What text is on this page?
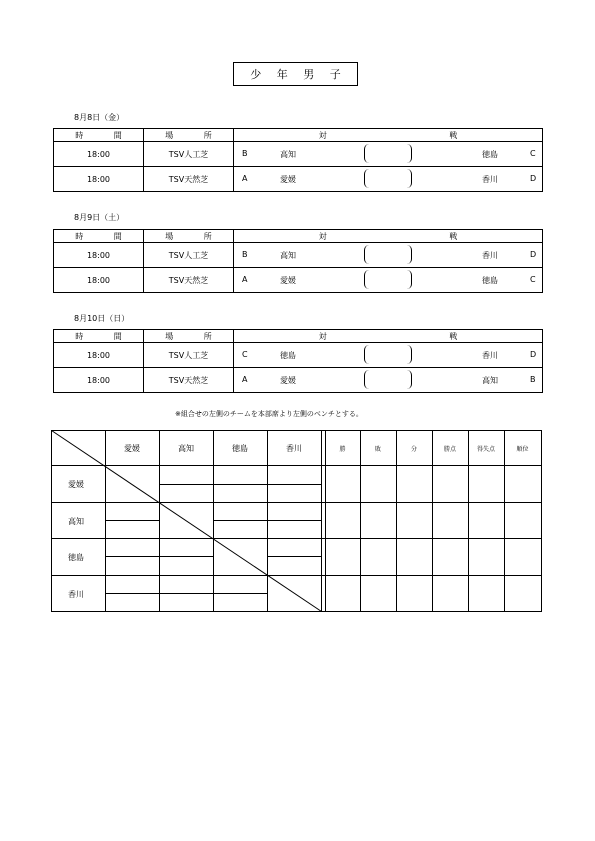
少 年 男 子
8月8日（金）
時 間	場 所	対 戦
18:00	TSV人工芝	B 高知 徳島 C

18:00	TSV天然芝	A 愛媛 香川 D
8月9日（土）
時 間	場 所	対 戦
18:00	TSV人工芝	B 高知 香川 D

18:00	TSV天然芝	A 愛媛 徳島 C
8月10日（日）
時 間	場 所	対 戦
18:00	TSV人工芝	C 徳島 香川 D

18:00	TSV天然芝	A 愛媛 高知 B
※組合せの左側のチームを本部席より左側のベンチとする。
愛媛	高知	徳島	香川	勝	敗	分	勝点	得失点	順位
愛媛
高知
徳島
香川
